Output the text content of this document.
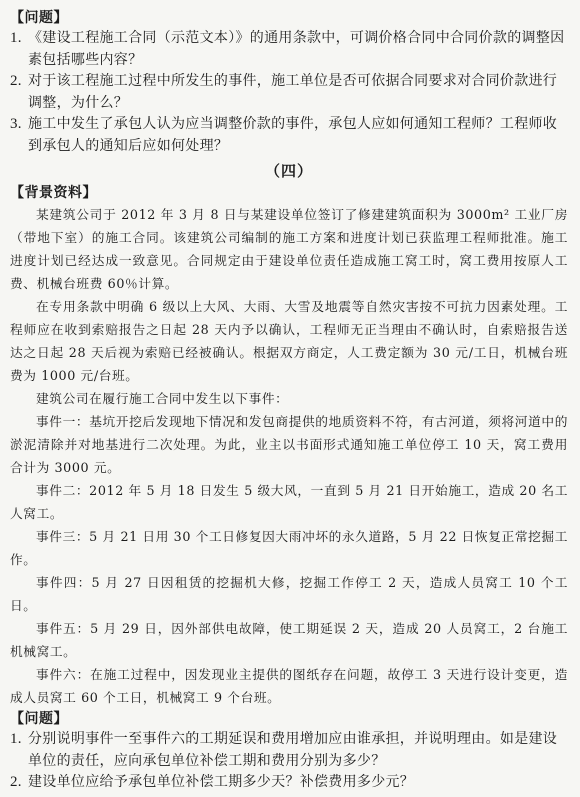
【问题】

1. 《建设工程施工合同（示范文本）》的通用条款中，可调价格合同中合同价款的调整因素包括哪些内容？
2. 对于该工程施工过程中所发生的事件，施工单位是否可依据合同要求对合同价款进行调整，为什么？
3. 施工中发生了承包人认为应当调整价款的事件，承包人应如何通知工程师？工程师收到承包人的通知后应如何处理？

（四）

【背景资料】

某建筑公司于 2012 年 3 月 8 日与某建设单位签订了修建建筑面积为 3000m² 工业厂房（带地下室）的施工合同。该建筑公司编制的施工方案和进度计划已获监理工程师批准。施工进度计划已经达成一致意见。合同规定由于建设单位责任造成施工窝工时，窝工费用按原人工费、机械台班费 60％计算。

在专用条款中明确 6 级以上大风、大雨、大雪及地震等自然灾害按不可抗力因素处理。工程师应在收到索赔报告之日起 28 天内予以确认，工程师无正当理由不确认时，自索赔报告送达之日起 28 天后视为索赔已经被确认。根据双方商定，人工费定额为 30 元/工日，机械台班费为 1000 元/台班。

建筑公司在履行施工合同中发生以下事件：

事件一：基坑开挖后发现地下情况和发包商提供的地质资料不符，有古河道，须将河道中的淤泥清除并对地基进行二次处理。为此，业主以书面形式通知施工单位停工 10 天，窝工费用合计为 3000 元。

事件二：2012 年 5 月 18 日发生 5 级大风，一直到 5 月 21 日开始施工，造成 20 名工人窝工。

事件三：5 月 21 日用 30 个工日修复因大雨冲坏的永久道路，5 月 22 日恢复正常挖掘工作。

事件四：5 月 27 日因租赁的挖掘机大修，挖掘工作停工 2 天，造成人员窝工 10 个工日。

事件五：5 月 29 日，因外部供电故障，使工期延误 2 天，造成 20 人员窝工，2 台施工机械窝工。

事件六：在施工过程中，因发现业主提供的图纸存在问题，故停工 3 天进行设计变更，造成人员窝工 60 个工日，机械窝工 9 个台班。

【问题】

1. 分别说明事件一至事件六的工期延误和费用增加应由谁承担，并说明理由。如是建设单位的责任，应向承包单位补偿工期和费用分别为多少？
2. 建设单位应给予承包单位补偿工期多少天？补偿费用多少元？
